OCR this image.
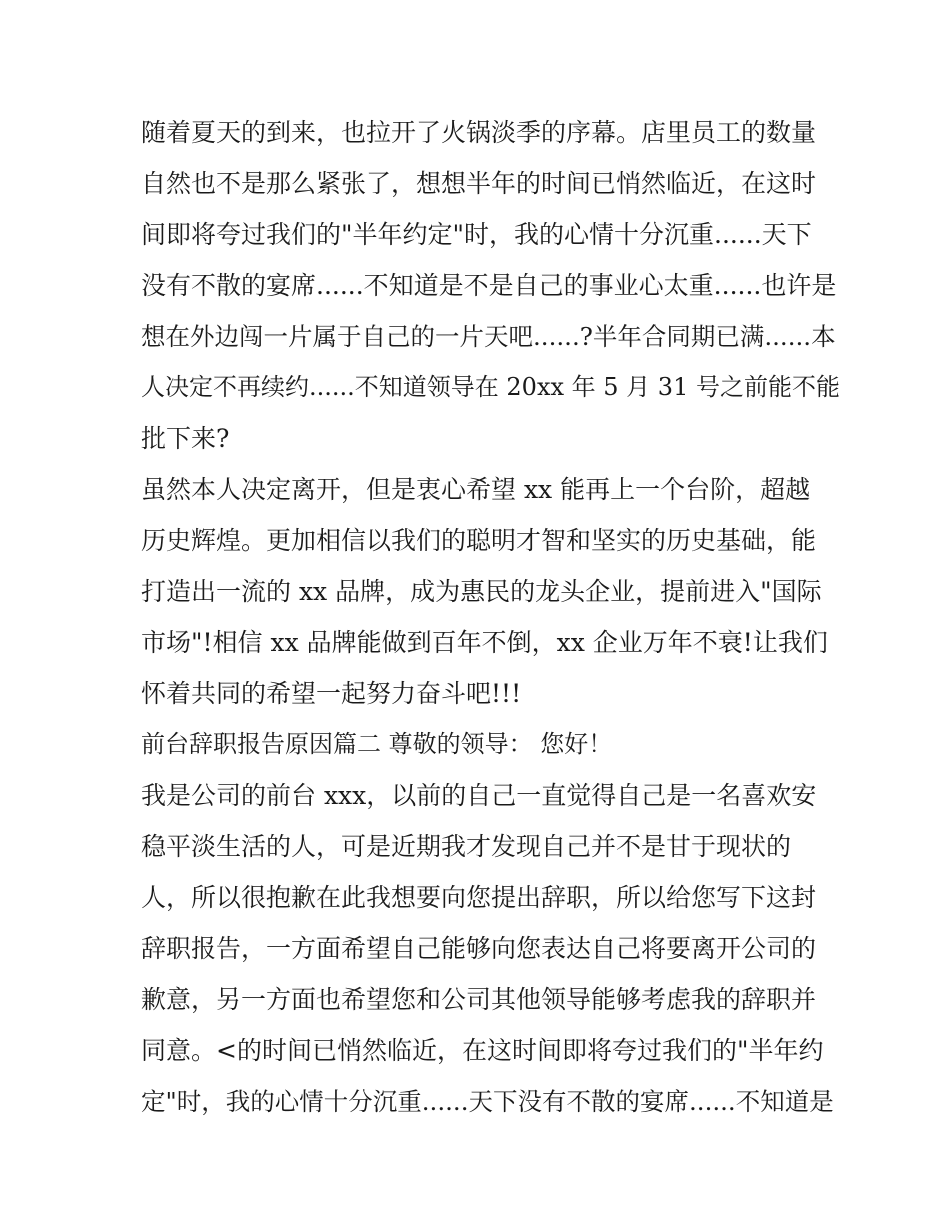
随着夏天的到来，也拉开了火锅淡季的序幕。店里员工的数量
自然也不是那么紧张了，想想半年的时间已悄然临近，在这时
间即将夸过我们的"半年约定"时，我的心情十分沉重......天下
没有不散的宴席......不知道是不是自己的事业心太重......也许是
想在外边闯一片属于自己的一片天吧......?半年合同期已满......本
人决定不再续约......不知道领导在 20xx 年 5 月 31 号之前能不能
批下来?
虽然本人决定离开，但是衷心希望 xx 能再上一个台阶，超越
历史辉煌。更加相信以我们的聪明才智和坚实的历史基础，能
打造出一流的 xx 品牌，成为惠民的龙头企业，提前进入"国际
市场"!相信 xx 品牌能做到百年不倒，xx 企业万年不衰!让我们
怀着共同的希望一起努力奋斗吧!!!
前台辞职报告原因篇二 尊敬的领导： 您好！
我是公司的前台 xxx，以前的自己一直觉得自己是一名喜欢安
稳平淡生活的人，可是近期我才发现自己并不是甘于现状的
人，所以很抱歉在此我想要向您提出辞职，所以给您写下这封
辞职报告，一方面希望自己能够向您表达自己将要离开公司的
歉意，另一方面也希望您和公司其他领导能够考虑我的辞职并
同意。<的时间已悄然临近，在这时间即将夸过我们的"半年约
定"时，我的心情十分沉重......天下没有不散的宴席......不知道是
